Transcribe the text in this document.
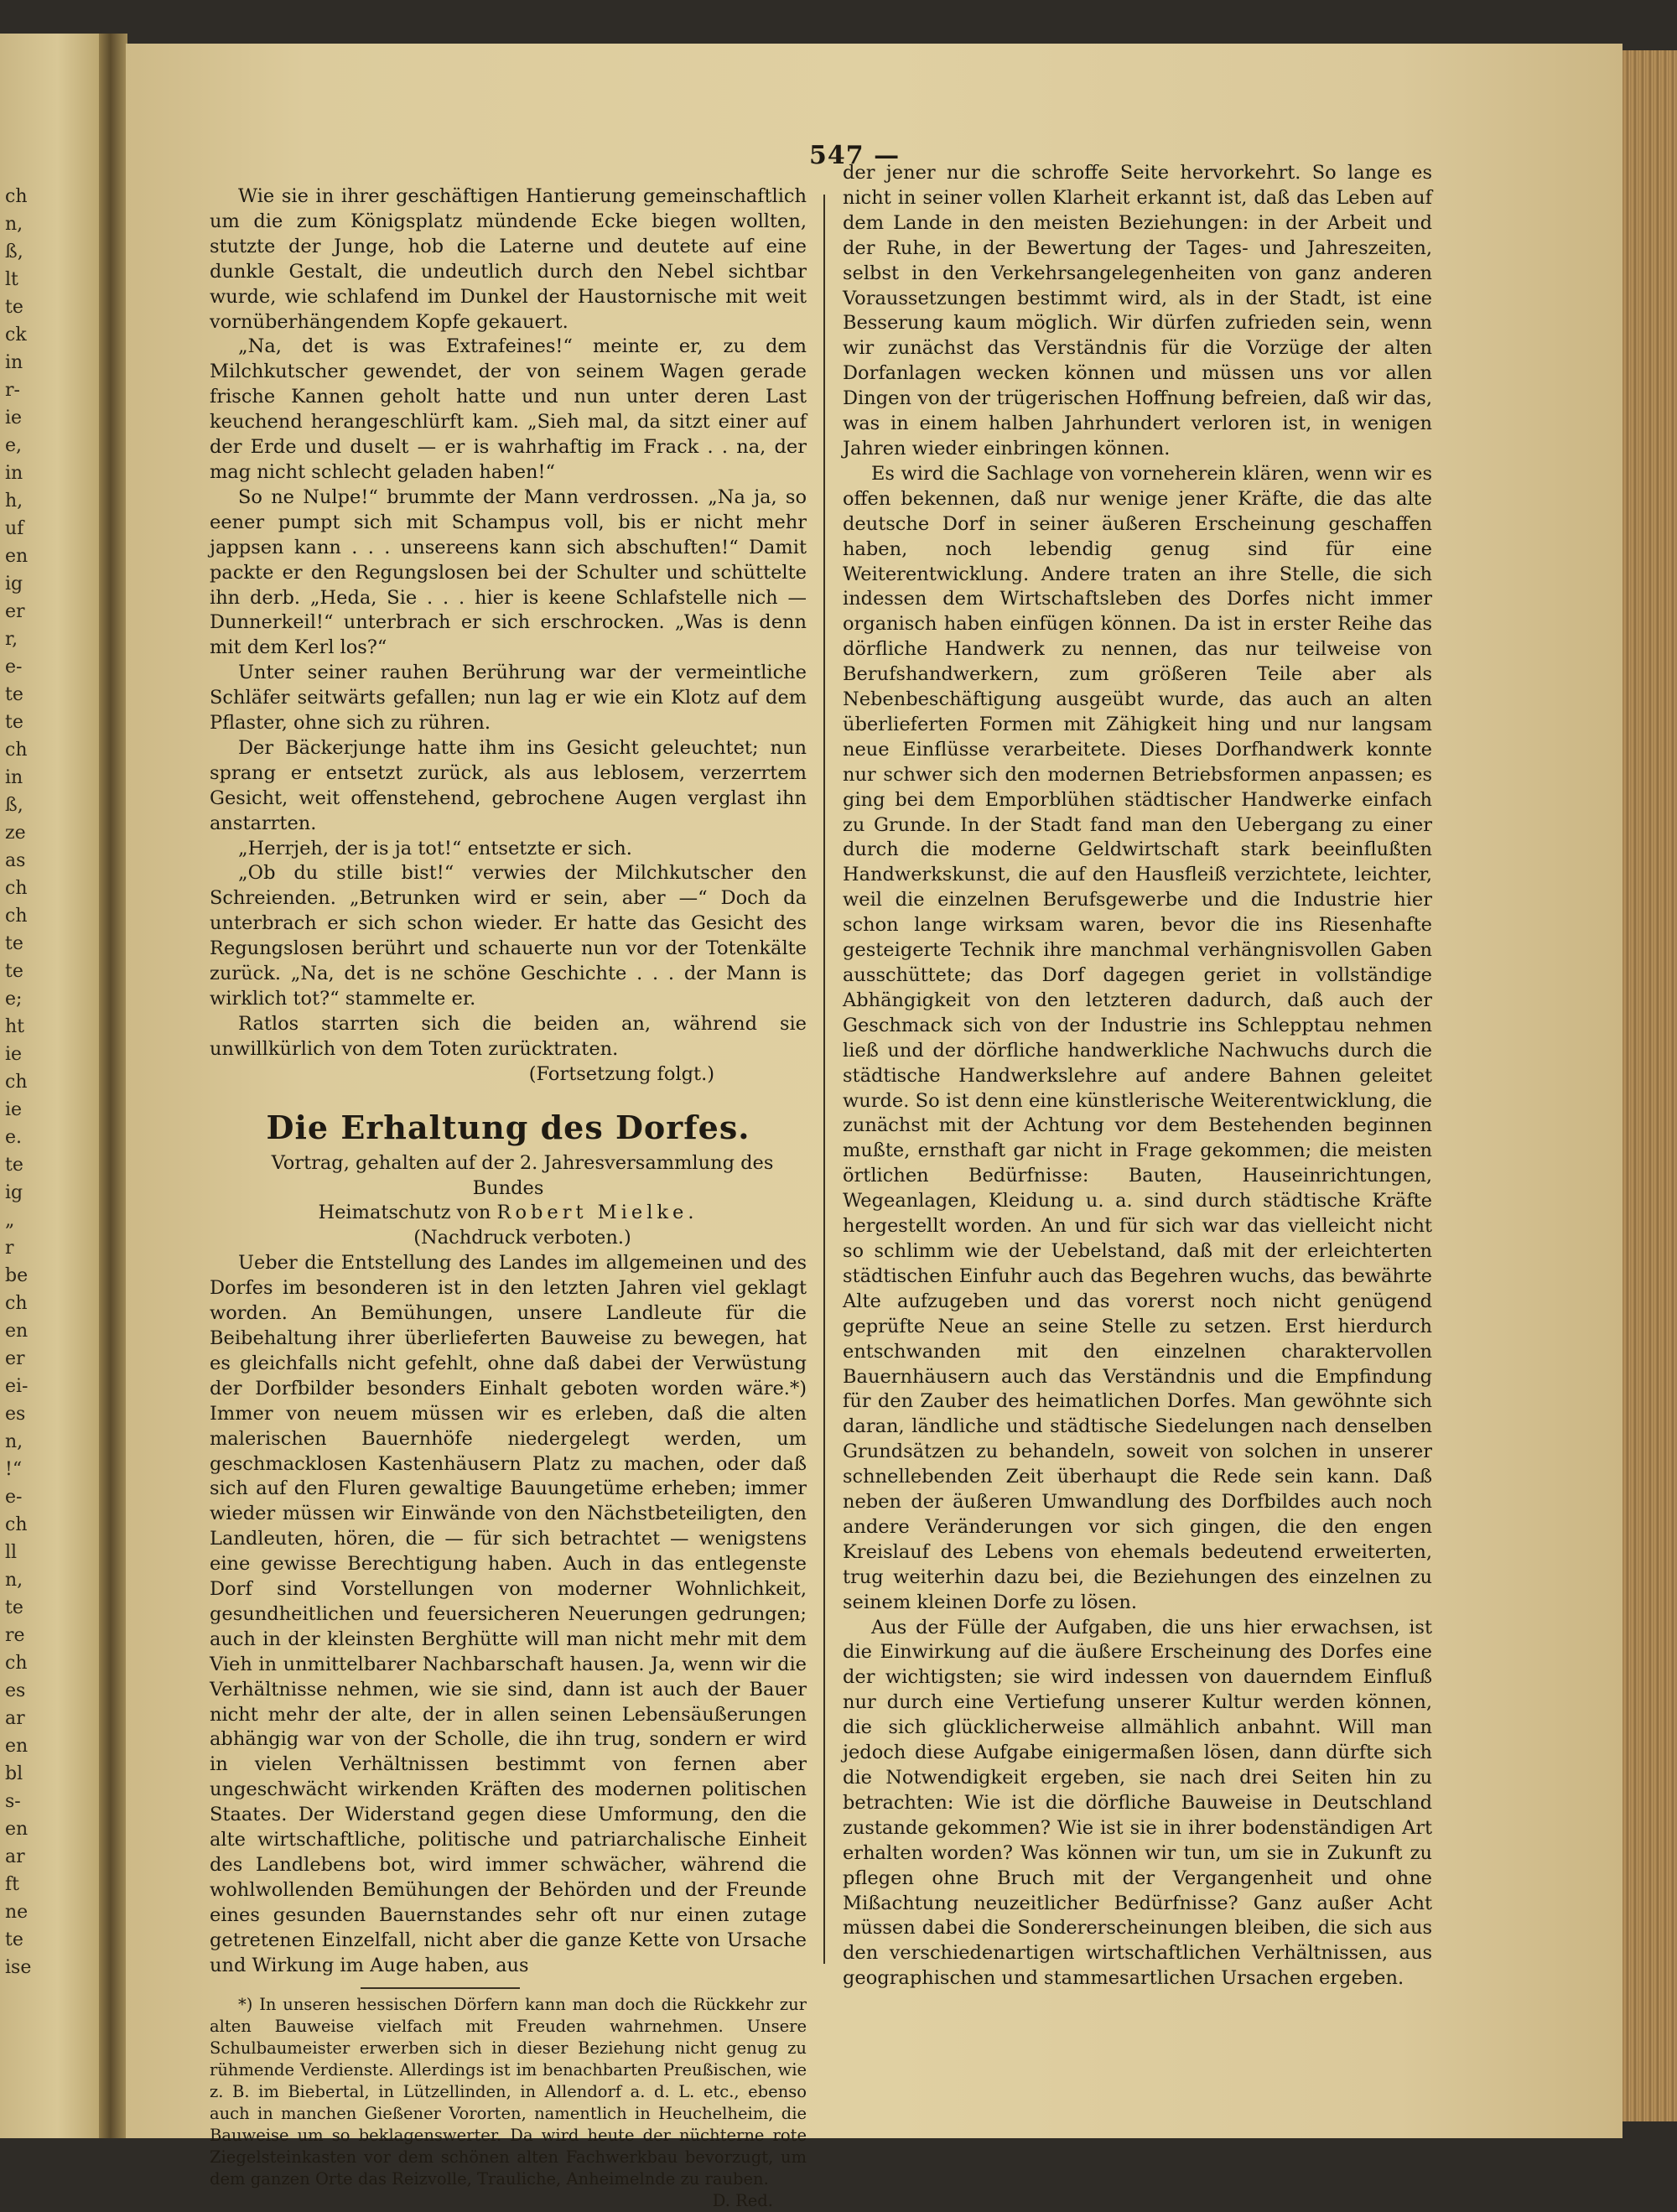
ch
n,
ß,
lt
te
ck
in
r-
ie
e,
in
h,
uf
en
ig
er
r,
e-
te
te
ch
in
ß,
ze
as
ch
ch
te
te
e;
ht
ie
ch
ie
e.
te
ig
„
r
be
ch
en
er
ei-
es
n,
!“
e-
ch
ll
n,
te
re
ch
es
ar
en
bl
s-
en
ar
ft
ne
te
ise
547 —

Wie sie in ihrer geschäftigen Hantierung gemeinschaftlich um die zum Königsplatz mündende Ecke biegen wollten, stutzte der Junge, hob die Laterne und deutete auf eine dunkle Gestalt, die undeutlich durch den Nebel sichtbar wurde, wie schlafend im Dunkel der Haustornische mit weit vornüberhängendem Kopfe gekauert.

„Na, det is was Extrafeines!“ meinte er, zu dem Milchkutscher gewendet, der von seinem Wagen gerade frische Kannen geholt hatte und nun unter deren Last keuchend herangeschlürft kam. „Sieh mal, da sitzt einer auf der Erde und duselt — er is wahrhaftig im Frack . . na, der mag nicht schlecht geladen haben!“

So ne Nulpe!“ brummte der Mann verdrossen. „Na ja, so eener pumpt sich mit Schampus voll, bis er nicht mehr jappsen kann . . . unsereens kann sich abschuften!“ Damit packte er den Regungslosen bei der Schulter und schüttelte ihn derb. „Heda, Sie . . . hier is keene Schlafstelle nich — Dunnerkeil!“ unterbrach er sich erschrocken. „Was is denn mit dem Kerl los?“

Unter seiner rauhen Berührung war der vermeintliche Schläfer seitwärts gefallen; nun lag er wie ein Klotz auf dem Pflaster, ohne sich zu rühren.

Der Bäckerjunge hatte ihm ins Gesicht geleuchtet; nun sprang er entsetzt zurück, als aus leblosem, verzerrtem Gesicht, weit offenstehend, gebrochene Augen verglast ihn anstarrten.

„Herrjeh, der is ja tot!“ entsetzte er sich.

„Ob du stille bist!“ verwies der Milchkutscher den Schreienden. „Betrunken wird er sein, aber —“ Doch da unterbrach er sich schon wieder. Er hatte das Gesicht des Regungslosen berührt und schauerte nun vor der Totenkälte zurück. „Na, det is ne schöne Geschichte . . . der Mann is wirklich tot?“ stammelte er.

Ratlos starrten sich die beiden an, während sie unwillkürlich von dem Toten zurücktraten.

(Fortsetzung folgt.)

Die Erhaltung des Dorfes.

Vortrag, gehalten auf der 2. Jahresversammlung des Bundes
Heimatschutz von Robert Mielke.

(Nachdruck verboten.)

Ueber die Entstellung des Landes im allgemeinen und des Dorfes im besonderen ist in den letzten Jahren viel geklagt worden. An Bemühungen, unsere Landleute für die Beibehaltung ihrer überlieferten Bauweise zu bewegen, hat es gleichfalls nicht gefehlt, ohne daß dabei der Verwüstung der Dorfbilder besonders Einhalt geboten worden wäre.*) Immer von neuem müssen wir es erleben, daß die alten malerischen Bauernhöfe niedergelegt werden, um geschmacklosen Kastenhäusern Platz zu machen, oder daß sich auf den Fluren gewaltige Bauungetüme erheben; immer wieder müssen wir Einwände von den Nächstbeteiligten, den Landleuten, hören, die — für sich betrachtet — wenigstens eine gewisse Berechtigung haben. Auch in das entlegenste Dorf sind Vorstellungen von moderner Wohnlichkeit, gesundheitlichen und feuersicheren Neuerungen gedrungen; auch in der kleinsten Berghütte will man nicht mehr mit dem Vieh in unmittelbarer Nachbarschaft hausen. Ja, wenn wir die Verhältnisse nehmen, wie sie sind, dann ist auch der Bauer nicht mehr der alte, der in allen seinen Lebensäußerungen abhängig war von der Scholle, die ihn trug, sondern er wird in vielen Verhältnissen bestimmt von fernen aber ungeschwächt wirkenden Kräften des modernen politischen Staates. Der Widerstand gegen diese Umformung, den die alte wirtschaftliche, politische und patriarchalische Einheit des Landlebens bot, wird immer schwächer, während die wohlwollenden Bemühungen der Behörden und der Freunde eines gesunden Bauernstandes sehr oft nur einen zutage getretenen Einzelfall, nicht aber die ganze Kette von Ursache und Wirkung im Auge haben, aus

*) In unseren hessischen Dörfern kann man doch die Rückkehr zur alten Bauweise vielfach mit Freuden wahrnehmen. Unsere Schulbaumeister erwerben sich in dieser Beziehung nicht genug zu rühmende Verdienste. Allerdings ist im benachbarten Preußischen, wie z. B. im Biebertal, in Lützellinden, in Allendorf a. d. L. etc., ebenso auch in manchen Gießener Vororten, namentlich in Heuchelheim, die Bauweise um so beklagenswerter. Da wird heute der nüchterne rote Ziegelsteinkasten vor dem schönen alten Fachwerkbau bevorzugt, um dem ganzen Orte das Reizvolle, Trauliche, Anheimelnde zu rauben.
D. Red.

der jener nur die schroffe Seite hervorkehrt. So lange es nicht in seiner vollen Klarheit erkannt ist, daß das Leben auf dem Lande in den meisten Beziehungen: in der Arbeit und der Ruhe, in der Bewertung der Tages- und Jahreszeiten, selbst in den Verkehrsangelegenheiten von ganz anderen Voraussetzungen bestimmt wird, als in der Stadt, ist eine Besserung kaum möglich. Wir dürfen zufrieden sein, wenn wir zunächst das Verständnis für die Vorzüge der alten Dorfanlagen wecken können und müssen uns vor allen Dingen von der trügerischen Hoffnung befreien, daß wir das, was in einem halben Jahrhundert verloren ist, in wenigen Jahren wieder einbringen können.

Es wird die Sachlage von vorneherein klären, wenn wir es offen bekennen, daß nur wenige jener Kräfte, die das alte deutsche Dorf in seiner äußeren Erscheinung geschaffen haben, noch lebendig genug sind für eine Weiterentwicklung. Andere traten an ihre Stelle, die sich indessen dem Wirtschaftsleben des Dorfes nicht immer organisch haben einfügen können. Da ist in erster Reihe das dörfliche Handwerk zu nennen, das nur teilweise von Berufshandwerkern, zum größeren Teile aber als Nebenbeschäftigung ausgeübt wurde, das auch an alten überlieferten Formen mit Zähigkeit hing und nur langsam neue Einflüsse verarbeitete. Dieses Dorfhandwerk konnte nur schwer sich den modernen Betriebsformen anpassen; es ging bei dem Emporblühen städtischer Handwerke einfach zu Grunde. In der Stadt fand man den Uebergang zu einer durch die moderne Geldwirtschaft stark beeinflußten Handwerkskunst, die auf den Hausfleiß verzichtete, leichter, weil die einzelnen Berufsgewerbe und die Industrie hier schon lange wirksam waren, bevor die ins Riesenhafte gesteigerte Technik ihre manchmal verhängnisvollen Gaben ausschüttete; das Dorf dagegen geriet in vollständige Abhängigkeit von den letzteren dadurch, daß auch der Geschmack sich von der Industrie ins Schlepptau nehmen ließ und der dörfliche handwerkliche Nachwuchs durch die städtische Handwerkslehre auf andere Bahnen geleitet wurde. So ist denn eine künstlerische Weiterentwicklung, die zunächst mit der Achtung vor dem Bestehenden beginnen mußte, ernsthaft gar nicht in Frage gekommen; die meisten örtlichen Bedürfnisse: Bauten, Hauseinrichtungen, Wegeanlagen, Kleidung u. a. sind durch städtische Kräfte hergestellt worden. An und für sich war das vielleicht nicht so schlimm wie der Uebelstand, daß mit der erleichterten städtischen Einfuhr auch das Begehren wuchs, das bewährte Alte aufzugeben und das vorerst noch nicht genügend geprüfte Neue an seine Stelle zu setzen. Erst hierdurch entschwanden mit den einzelnen charaktervollen Bauernhäusern auch das Verständnis und die Empfindung für den Zauber des heimatlichen Dorfes. Man gewöhnte sich daran, ländliche und städtische Siedelungen nach denselben Grundsätzen zu behandeln, soweit von solchen in unserer schnellebenden Zeit überhaupt die Rede sein kann. Daß neben der äußeren Umwandlung des Dorfbildes auch noch andere Veränderungen vor sich gingen, die den engen Kreislauf des Lebens von ehemals bedeutend erweiterten, trug weiterhin dazu bei, die Beziehungen des einzelnen zu seinem kleinen Dorfe zu lösen.

Aus der Fülle der Aufgaben, die uns hier erwachsen, ist die Einwirkung auf die äußere Erscheinung des Dorfes eine der wichtigsten; sie wird indessen von dauerndem Einfluß nur durch eine Vertiefung unserer Kultur werden können, die sich glücklicherweise allmählich anbahnt. Will man jedoch diese Aufgabe einigermaßen lösen, dann dürfte sich die Notwendigkeit ergeben, sie nach drei Seiten hin zu betrachten: Wie ist die dörfliche Bauweise in Deutschland zustande gekommen? Wie ist sie in ihrer bodenständigen Art erhalten worden? Was können wir tun, um sie in Zukunft zu pflegen ohne Bruch mit der Vergangenheit und ohne Mißachtung neuzeitlicher Bedürfnisse? Ganz außer Acht müssen dabei die Sondererscheinungen bleiben, die sich aus den verschiedenartigen wirtschaftlichen Verhältnissen, aus geographischen und stammesartlichen Ursachen ergeben.
